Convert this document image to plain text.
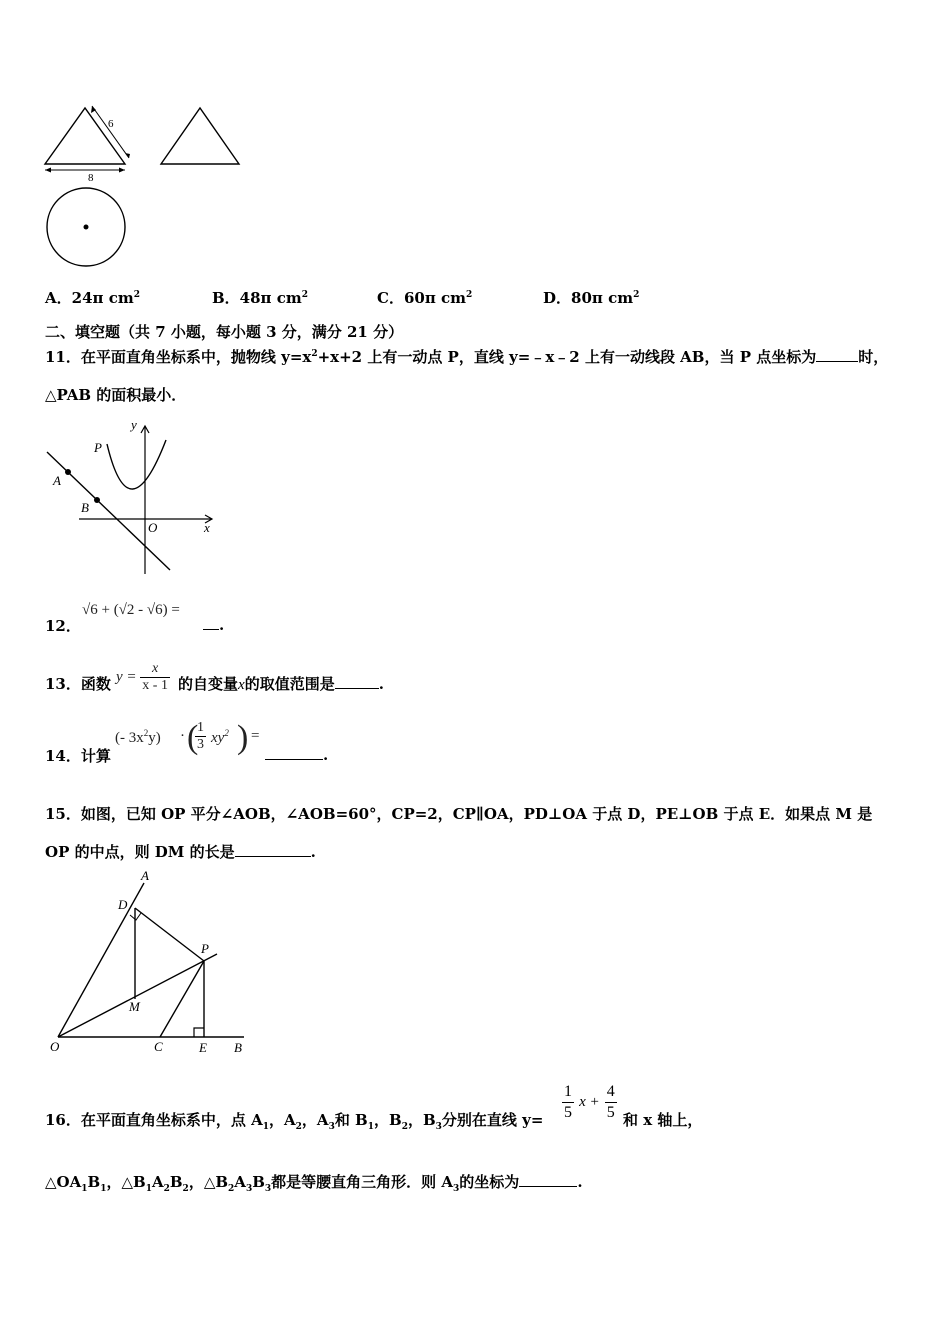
6
8
A．24π $cm^2$	B．48π $cm^2$	C．60π $cm^2$	D．80π $cm^2$
二、填空题（共 7 小题，每小题 3 分，满分 21 分）
11．在平面直角坐标系中，抛物线 $y=x^2+x+2$ 上有一动点 P，直线 y=﹣x﹣2 上有一动线段 AB，当 P 点坐标为	时，
△PAB 的面积最小．
y
P
A
B
O	x
12．
√6 + (√2 - √6) =
.
13．函数 $y = \frac{x}{x - 1}$ 的自变量x的取值范围是	.
14．计算
(- $3x^2y$) · (
$\frac{1}{3} xy^2$ ) =
.
15．如图，已知 OP 平分∠AOB，∠AOB=60°，CP=2，CP∥OA，PD⊥OA 于点 D，PE⊥OB 于点 E．如果点 M 是
OP 的中点，则 DM 的长是	.
A
D
P
M
O	C	E B
16．在平面直角坐标系中，点 $A_1$，$A_2$，$A_3$和 $B_1$，$B_2$，$B_3$分别在直线 $y= \frac{1}{5}$ $x + \frac{4}{5}$ 和 x 轴上，
$\triangle OA_1B_1$，$\triangle B_1A_2B_2$，$\triangle B_2A_3B_3$都是等腰直角三角形．则 $A_3$的坐标为	.
